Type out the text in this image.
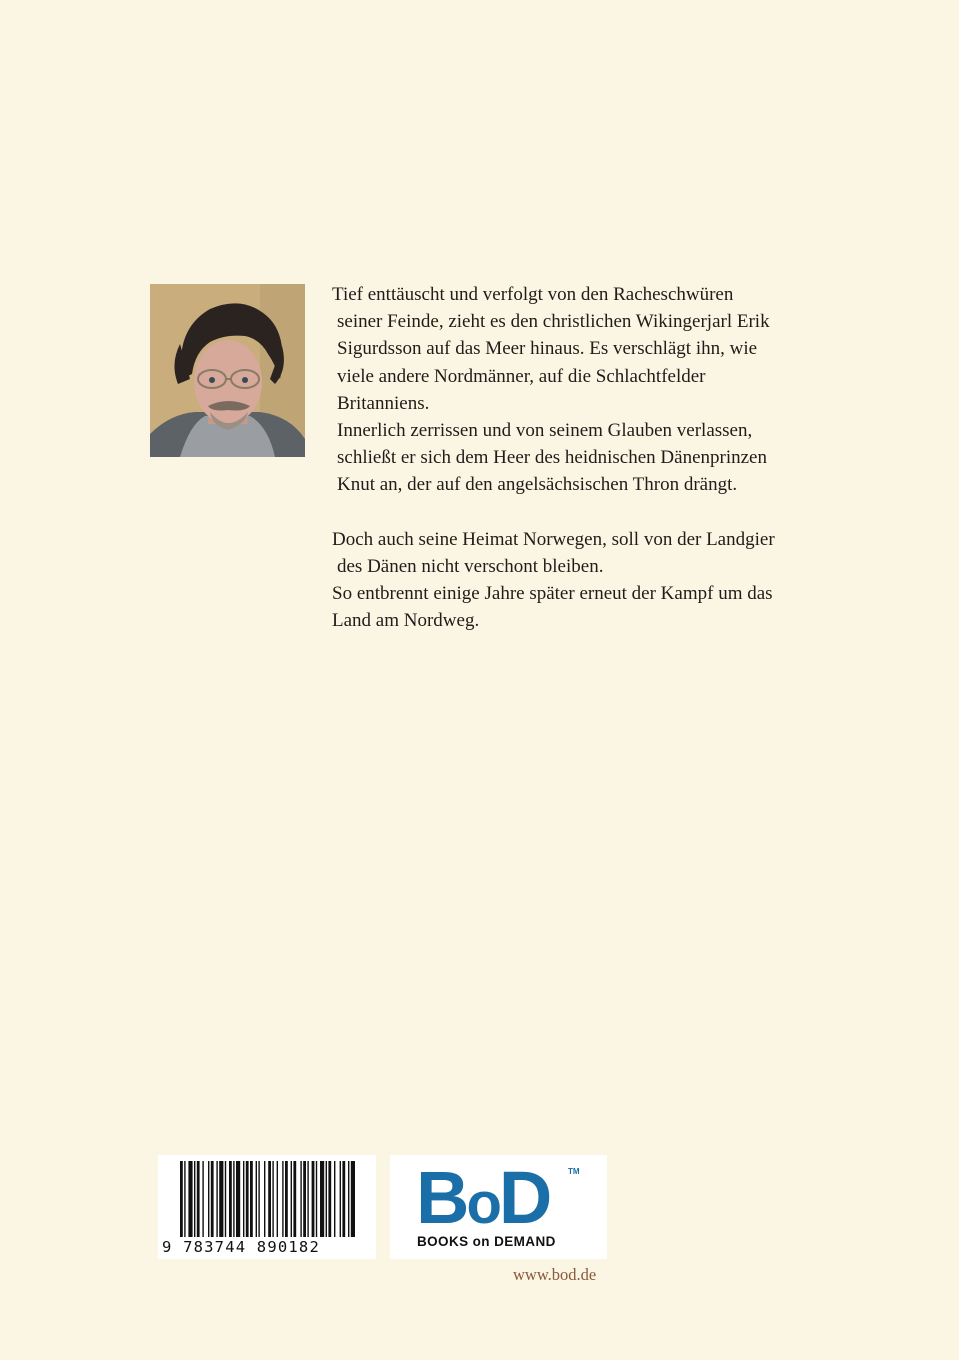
Tief enttäuscht und verfolgt von den Racheschwüren

seiner Feinde, zieht es den christlichen Wikingerjarl Erik

Sigurdsson auf das Meer hinaus. Es verschlägt ihn, wie

viele andere Nordmänner, auf die Schlachtfelder

Britanniens.

Innerlich zerrissen und von seinem Glauben verlassen,

schließt er sich dem Heer des heidnischen Dänenprinzen

Knut an, der auf den angelsächsischen Thron drängt.

Doch auch seine Heimat Norwegen, soll von der Landgier

des Dänen nicht verschont bleiben.

So entbrennt einige Jahre später erneut der Kampf um das

Land am Nordweg.

9 783744 890182
BoD TM
BOOKS on DEMAND
www.bod.de
